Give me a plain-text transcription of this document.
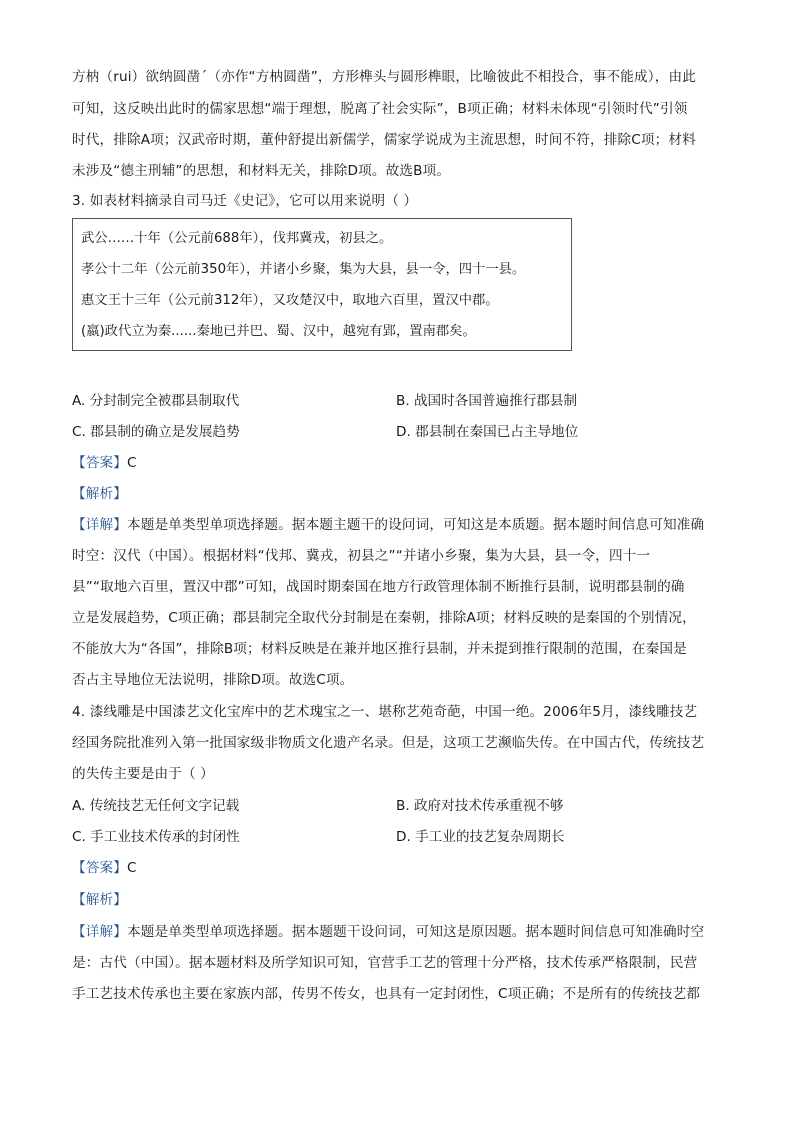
方枘（rui）欲纳圆凿ˊ（亦作“方枘圆凿”，方形榫头与圆形榫眼，比喻彼此不相投合，事不能成），由此
可知，这反映出此时的儒家思想“端于理想，脱离了社会实际”，B项正确；材料未体现“引领时代”引领
时代，排除A项；汉武帝时期，董仲舒提出新儒学，儒家学说成为主流思想，时间不符，排除C项；材料
未涉及“德主刑辅”的思想，和材料无关，排除D项。故选B项。
3. 如表材料摘录自司马迁《史记》，它可以用来说明（ ）
武公……十年（公元前688年），伐邦冀戎，初县之。
孝公十二年（公元前350年），并诸小乡聚，集为大县，县一令，四十一县。
惠文王十三年（公元前312年），又攻楚汉中，取地六百里，置汉中郡。
(嬴)政代立为秦......秦地已并巴、蜀、汉中，越宛有郢，置南郡矣。
A. 分封制完全被郡县制取代	B. 战国时各国普遍推行郡县制
C. 郡县制的确立是发展趋势	D. 郡县制在秦国已占主导地位
【答案】C
【解析】
【详解】本题是单类型单项选择题。据本题主题干的设问词，可知这是本质题。据本题时间信息可知准确
时空：汉代（中国）。根据材料“伐邦、冀戎，初县之”“并诸小乡聚，集为大县，县一令，四十一
县”“取地六百里，置汉中郡”可知，战国时期秦国在地方行政管理体制不断推行县制，说明郡县制的确
立是发展趋势，C项正确；郡县制完全取代分封制是在秦朝，排除A项；材料反映的是秦国的个别情况，
不能放大为“各国”，排除B项；材料反映是在兼并地区推行县制，并未提到推行限制的范围，在秦国是
否占主导地位无法说明，排除D项。故选C项。
4. 漆线雕是中国漆艺文化宝库中的艺术瑰宝之一、堪称艺苑奇葩，中国一绝。2006年5月，漆线雕技艺
经国务院批准列入第一批国家级非物质文化遗产名录。但是，这项工艺濒临失传。在中国古代，传统技艺
的失传主要是由于（ ）
A. 传统技艺无任何文字记载	B. 政府对技术传承重视不够
C. 手工业技术传承的封闭性	D. 手工业的技艺复杂周期长
【答案】C
【解析】
【详解】本题是单类型单项选择题。据本题题干设问词，可知这是原因题。据本题时间信息可知准确时空
是：古代（中国）。据本题材料及所学知识可知，官营手工艺的管理十分严格，技术传承严格限制，民营
手工艺技术传承也主要在家族内部，传男不传女，也具有一定封闭性，C项正确；不是所有的传统技艺都
